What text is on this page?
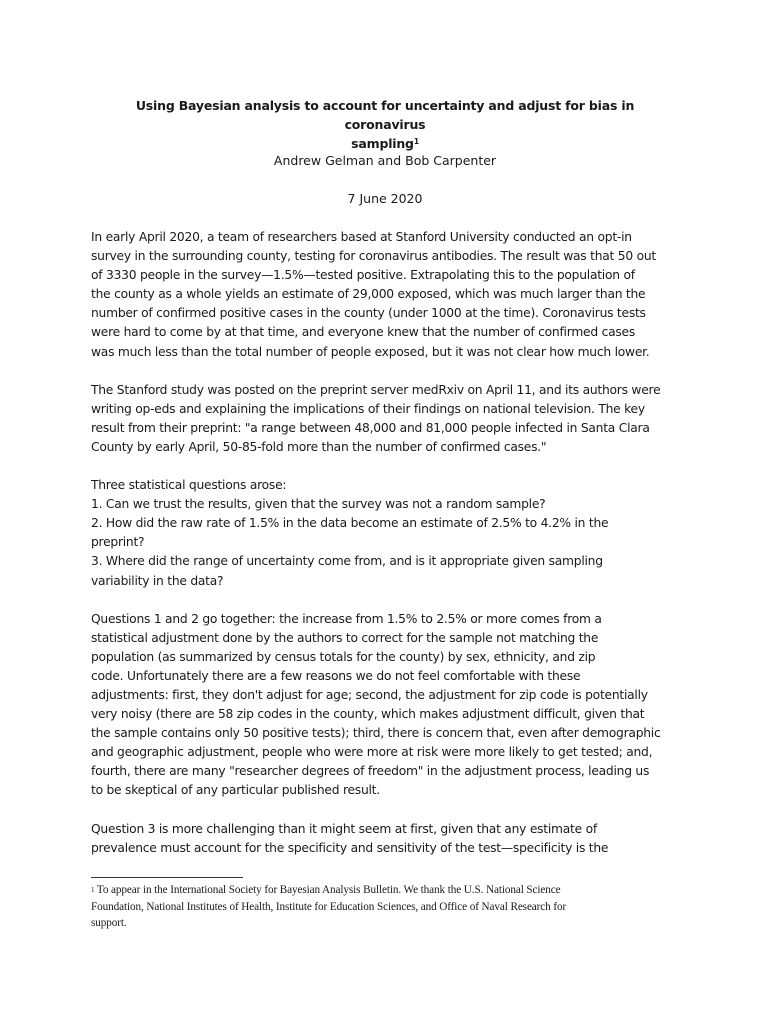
Using Bayesian analysis to account for uncertainty and adjust for bias in coronavirus
sampling$^1$
Andrew Gelman and Bob Carpenter
7 June 2020
In early April 2020, a team of researchers based at Stanford University conducted an opt-in
survey in the surrounding county, testing for coronavirus antibodies. The result was that 50 out
of 3330 people in the survey—1.5%—tested positive. Extrapolating this to the population of
the county as a whole yields an estimate of 29,000 exposed, which was much larger than the
number of confirmed positive cases in the county (under 1000 at the time). Coronavirus tests
were hard to come by at that time, and everyone knew that the number of confirmed cases
was much less than the total number of people exposed, but it was not clear how much lower.
The Stanford study was posted on the preprint server medRxiv on April 11, and its authors were
writing op-eds and explaining the implications of their findings on national television. The key
result from their preprint: "a range between 48,000 and 81,000 people infected in Santa Clara
County by early April, 50-85-fold more than the number of confirmed cases."
Three statistical questions arose:
1. Can we trust the results, given that the survey was not a random sample?
2. How did the raw rate of 1.5% in the data become an estimate of 2.5% to 4.2% in the
preprint?
3. Where did the range of uncertainty come from, and is it appropriate given sampling
variability in the data?
Questions 1 and 2 go together: the increase from 1.5% to 2.5% or more comes from a
statistical adjustment done by the authors to correct for the sample not matching the
population (as summarized by census totals for the county) by sex, ethnicity, and zip
code. Unfortunately there are a few reasons we do not feel comfortable with these
adjustments: first, they don't adjust for age; second, the adjustment for zip code is potentially
very noisy (there are 58 zip codes in the county, which makes adjustment difficult, given that
the sample contains only 50 positive tests); third, there is concern that, even after demographic
and geographic adjustment, people who were more at risk were more likely to get tested; and,
fourth, there are many "researcher degrees of freedom" in the adjustment process, leading us
to be skeptical of any particular published result.
Question 3 is more challenging than it might seem at first, given that any estimate of
prevalence must account for the specificity and sensitivity of the test—specificity is the
$^1$ To appear in the International Society for Bayesian Analysis Bulletin. We thank the U.S. National Science
Foundation, National Institutes of Health, Institute for Education Sciences, and Office of Naval Research for
support.
